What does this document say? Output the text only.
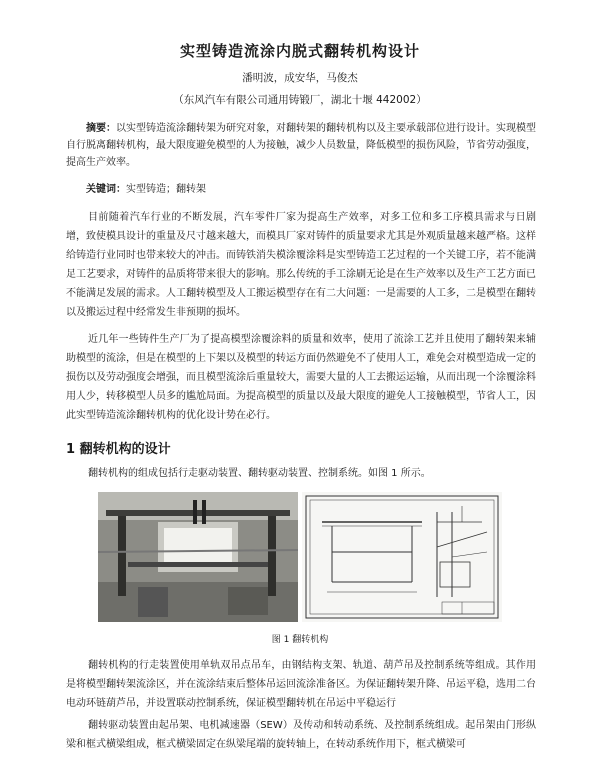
实型铸造流涂内脱式翻转机构设计
潘明波，成安华，马俊杰
（东风汽车有限公司通用铸锻厂，湖北十堰 442002）
摘要：以实型铸造流涂翻转架为研究对象，对翻转架的翻转机构以及主要承载部位进行设计。实现模型自行脱离翻转机构，最大限度避免模型的人为接触，减少人员数量，降低模型的损伤风险，节省劳动强度，提高生产效率。
关键词：实型铸造；翻转架
目前随着汽车行业的不断发展，汽车零件厂家为提高生产效率，对多工位和多工序模具需求与日剧增，致使模具设计的重量及尺寸越来越大，而模具厂家对铸件的质量要求尤其是外观质量越来越严格。这样给铸造行业同时也带来较大的冲击。而铸铁消失模涂覆涂料是实型铸造工艺过程的一个关键工序，若不能满足工艺要求，对铸件的品质将带来很大的影响。那么传统的手工涂刷无论是在生产效率以及生产工艺方面已不能满足发展的需求。人工翻转模型及人工搬运模型存在有二大问题：一是需要的人工多，二是模型在翻转以及搬运过程中经常发生非预期的损坏。
近几年一些铸件生产厂为了提高模型涂覆涂料的质量和效率，使用了流涂工艺并且使用了翻转架来辅助模型的流涂，但是在模型的上下架以及模型的转运方面仍然避免不了使用人工，难免会对模型造成一定的损伤以及劳动强度会增强，而且模型流涂后重量较大，需要大量的人工去搬运运输，从而出现一个涂覆涂料用人少，转移模型人员多的尴尬局面。为提高模型的质量以及最大限度的避免人工接触模型，节省人工，因此实型铸造流涂翻转机构的优化设计势在必行。
1 翻转机构的设计
翻转机构的组成包括行走驱动装置、翻转驱动装置、控制系统。如图 1 所示。
图 1 翻转机构
翻转机构的行走装置使用单轨双吊点吊车，由钢结构支架、轨道、葫芦吊及控制系统等组成。其作用是将模型翻转架流涂区，并在流涂结束后整体吊运回流涂准备区。为保证翻转架升降、吊运平稳，选用二台电动环链葫芦吊，并设置联动控制系统，保证模型翻转机在吊运中平稳运行
翻转驱动装置由起吊架、电机减速器（SEW）及传动和转动系统、及控制系统组成。起吊架由门形纵梁和框式横梁组成，框式横梁固定在纵梁尾端的旋转轴上，在转动系统作用下，框式横梁可
